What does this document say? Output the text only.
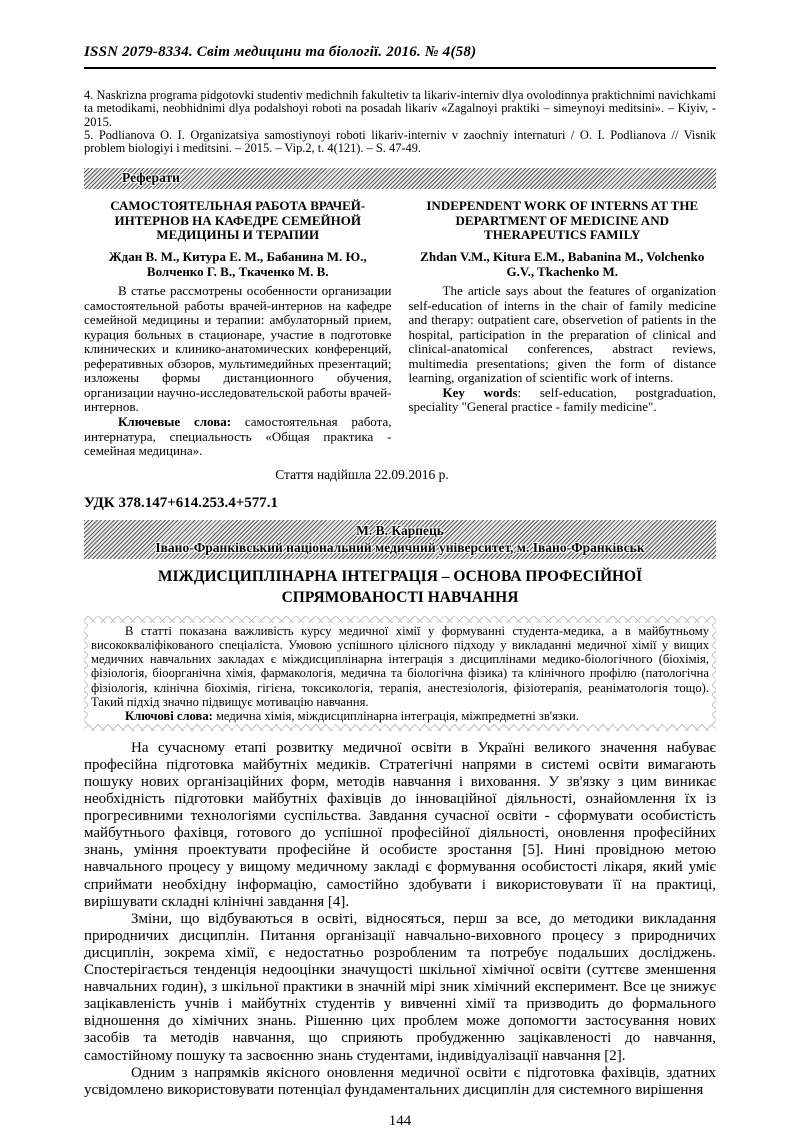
ISSN 2079-8334. Світ медицини та біології. 2016. № 4(58)

4. Naskrizna programa pidgotovki studentiv medichnih fakultetiv ta likariv-interniv dlya ovolodinnya praktichnimi navichkami ta metodikami, neobhidnimi dlya podalshoyi roboti na posadah likariv «Zagalnoyi praktiki – simeynoyi meditsini». – Kiyiv, - 2015.

5. Podlianova O. I. Organizatsiya samostiynoyi roboti likariv-interniv v zaochniy internaturi / O. I. Podlianova // Visnik problem biologiyi i meditsini. – 2015. – Vip.2, t. 4(121). – S. 47-49.

Реферати

САМОСТОЯТЕЛЬНАЯ РАБОТА ВРАЧЕЙ-ИНТЕРНОВ НА КАФЕДРЕ СЕМЕЙНОЙ МЕДИЦИНЫ И ТЕРАПИИ

Ждан В. М., Китура Е. М., Бабанина М. Ю., Волченко Г. В., Ткаченко М. В.

В статье рассмотрены особенности организации самостоятельной работы врачей-интернов на кафедре семейной медицины и терапии: амбулаторный прием, курация больных в стационаре, участие в подготовке клинических и клинико-анатомических конференций, реферативных обзоров, мультимедийных презентаций; изложены формы дистанционного обучения, организации научно-исследовательской работы врачей-интернов.

Ключевые слова: самостоятельная работа, интернатура, специальность «Общая практика - семейная медицина».

INDEPENDENT WORK OF INTERNS AT THE DEPARTMENT OF MEDICINE AND THERAPEUTICS FAMILY

Zhdan V.M., Kitura E.M., Babanina M., Volchenko G.V., Tkachenko M.

The article says about the features of organization self-education of interns in the chair of family medicine and therapy: outpatient care, observetion of patients in the hospital, participation in the preparation of clinical and clinical-anatomical conferences, abstract reviews, multimedia presentations; given the form of distance learning, organization of scientific work of interns.

Key words: self-education, postgraduation, speciality "General practice - family medicine".

Стаття надійшла 22.09.2016 р.
УДК 378.147+614.253.4+577.1
М. В. Карпець
Івано-Франківський національний медичний університет, м. Івано-Франківськ
МІЖДИСЦИПЛІНАРНА ІНТЕГРАЦІЯ – ОСНОВА ПРОФЕСІЙНОЇ СПРЯМОВАНОСТІ НАВЧАННЯ

В статті показана важливість курсу медичної хімії у формуванні студента-медика, а в майбутньому висококваліфікованого спеціаліста. Умовою успішного цілісного підходу у викладанні медичної хімії у вищих медичних навчальних закладах є міждисциплінарна інтеграція з дисциплінами медико-біологічного (біохімія, фізіологія, біоорганічна хімія, фармакологія, медична та біологічна фізика) та клінічного профілю (патологічна фізіологія, клінічна біохімія, гігієна, токсикологія, терапія, анестезіологія, фізіотерапія, реаніматологія тощо). Такий підхід значно підвищує мотивацію навчання.

Ключові слова: медична хімія, міждисциплінарна інтеграція, міжпредметні зв'язки.

На сучасному етапі розвитку медичної освіти в Україні великого значення набуває професійна підготовка майбутніх медиків. Стратегічні напрями в системі освіти вимагають пошуку нових організаційних форм, методів навчання і виховання. У зв'язку з цим виникає необхідність підготовки майбутніх фахівців до інноваційної діяльності, ознайомлення їх із прогресивними технологіями суспільства. Завдання сучасної освіти - сформувати особистість майбутнього фахівця, готового до успішної професійної діяльності, оновлення професійних знань, уміння проектувати професійне й особисте зростання [5]. Нині провідною метою навчального процесу у вищому медичному закладі є формування особистості лікаря, який уміє сприймати необхідну інформацію, самостійно здобувати і використовувати її на практиці, вирішувати складні клінічні завдання [4].

Зміни, що відбуваються в освіті, відносяться, перш за все, до методики викладання природничих дисциплін. Питання організації навчально-виховного процесу з природничих дисциплін, зокрема хімії, є недостатньо розробленим та потребує подальших досліджень. Спостерігається тенденція недооцінки значущості шкільної хімічної освіти (суттєве зменшення навчальних годин), з шкільної практики в значній мірі зник хімічний експеримент. Все це знижує зацікавленість учнів і майбутніх студентів у вивченні хімії та призводить до формального відношення до хімічних знань. Рішенню цих проблем може допомогти застосування нових засобів та методів навчання, що сприяють пробудженню зацікавленості до навчання, самостійному пошуку та засвоєнню знань студентами, індивідуалізації навчання [2].

Одним з напрямків якісного оновлення медичної освіти є підготовка фахівців, здатних усвідомлено використовувати потенціал фундаментальних дисциплін для системного вирішення

144
